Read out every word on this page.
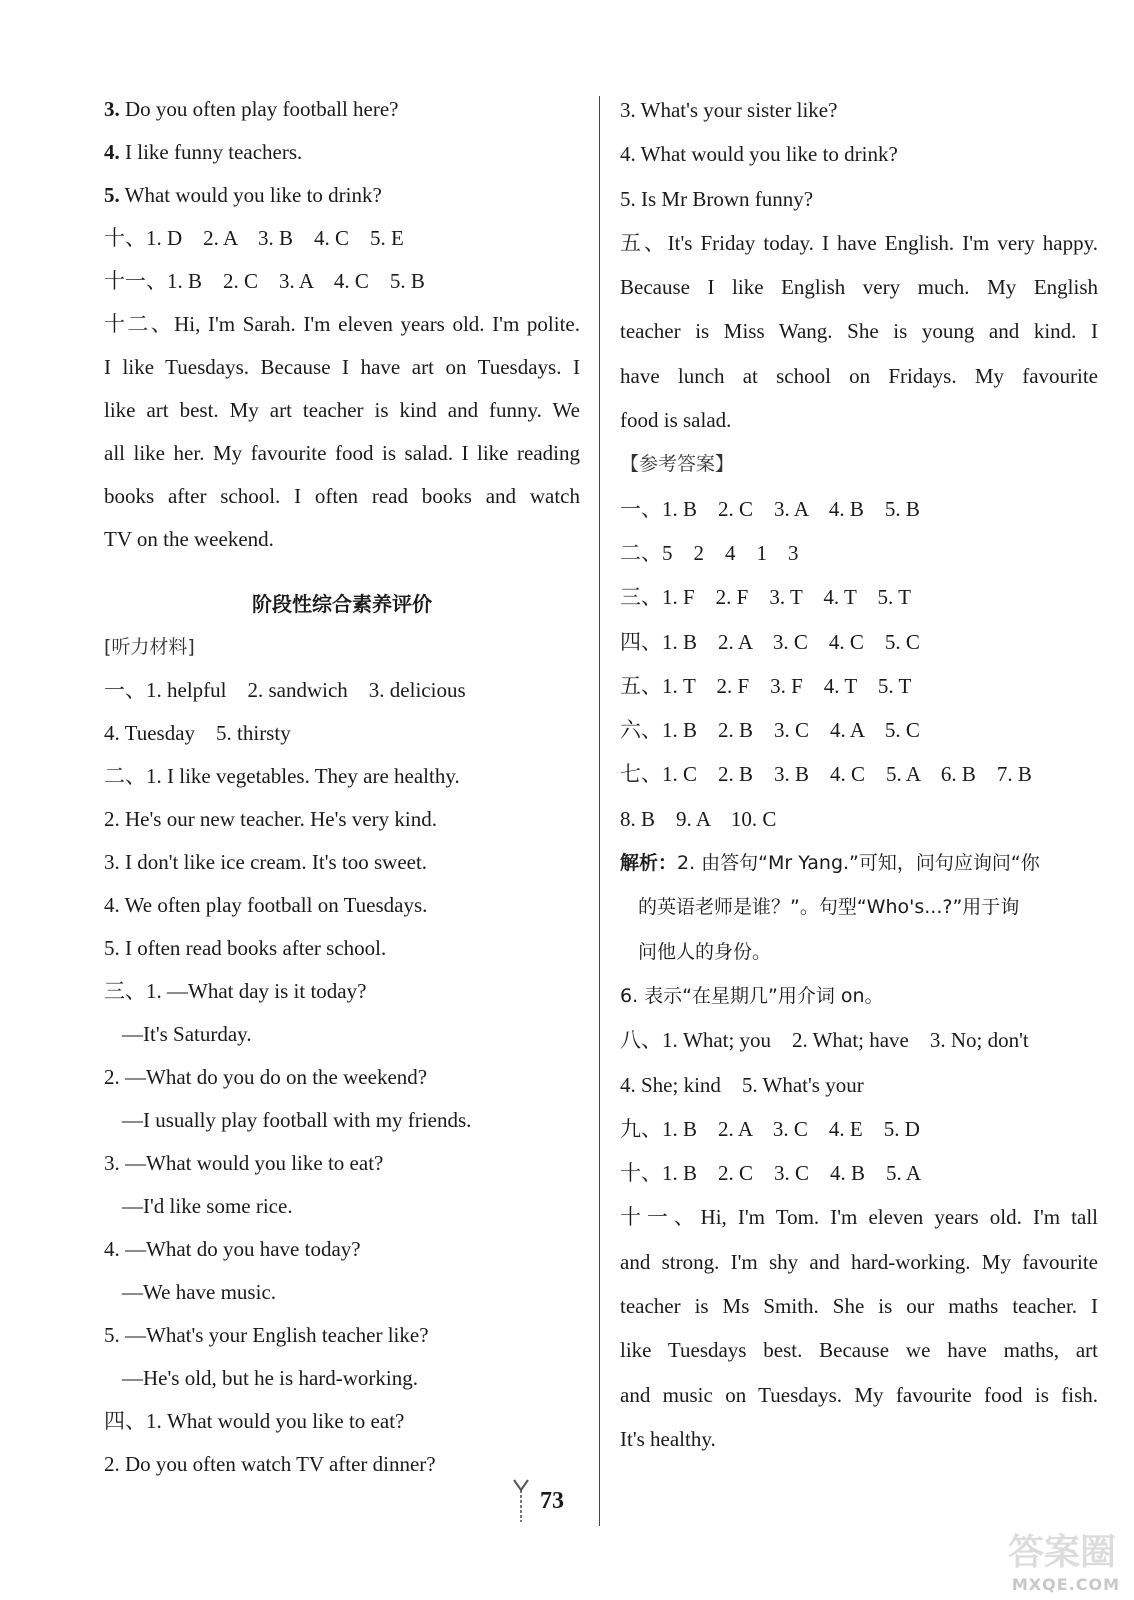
3. Do you often play football here?
4. I like funny teachers.
5. What would you like to drink?
十、1. D　2. A　3. B　4. C　5. E
十一、1. B　2. C　3. A　4. C　5. B
十二、Hi, I'm Sarah. I'm eleven years old. I'm polite.
I like Tuesdays. Because I have art on Tuesdays. I
like art best. My art teacher is kind and funny. We
all like her. My favourite food is salad. I like reading
books after school. I often read books and watch
TV on the weekend.
阶段性综合素养评价
[听力材料]
一、1. helpful　2. sandwich　3. delicious
4. Tuesday　5. thirsty
二、1. I like vegetables. They are healthy.
2. He's our new teacher. He's very kind.
3. I don't like ice cream. It's too sweet.
4. We often play football on Tuesdays.
5. I often read books after school.
三、1. —What day is it today?
—It's Saturday.
2. —What do you do on the weekend?
—I usually play football with my friends.
3. —What would you like to eat?
—I'd like some rice.
4. —What do you have today?
—We have music.
5. —What's your English teacher like?
—He's old, but he is hard-working.
四、1. What would you like to eat?
2. Do you often watch TV after dinner?
3. What's your sister like?
4. What would you like to drink?
5. Is Mr Brown funny?
五、It's Friday today. I have English. I'm very happy.
Because I like English very much. My English
teacher is Miss Wang. She is young and kind. I
have lunch at school on Fridays. My favourite
food is salad.
【参考答案】
一、1. B　2. C　3. A　4. B　5. B
二、5　2　4　1　3
三、1. F　2. F　3. T　4. T　5. T
四、1. B　2. A　3. C　4. C　5. C
五、1. T　2. F　3. F　4. T　5. T
六、1. B　2. B　3. C　4. A　5. C
七、1. C　2. B　3. B　4. C　5. A　6. B　7. B
8. B　9. A　10. C
解析：2. 由答句“Mr Yang.”可知，问句应询问“你
的英语老师是谁？”。句型“Who's...?”用于询
问他人的身份。
6. 表示“在星期几”用介词 on。
八、1. What; you　2. What; have　3. No; don't
4. She; kind　5. What's your
九、1. B　2. A　3. C　4. E　5. D
十、1. B　2. C　3. C　4. B　5. A
十一、Hi, I'm Tom. I'm eleven years old. I'm tall
and strong. I'm shy and hard-working. My favourite
teacher is Ms Smith. She is our maths teacher. I
like Tuesdays best. Because we have maths, art
and music on Tuesdays. My favourite food is fish.
It's healthy.
73
答案圈
MXQE.COM
